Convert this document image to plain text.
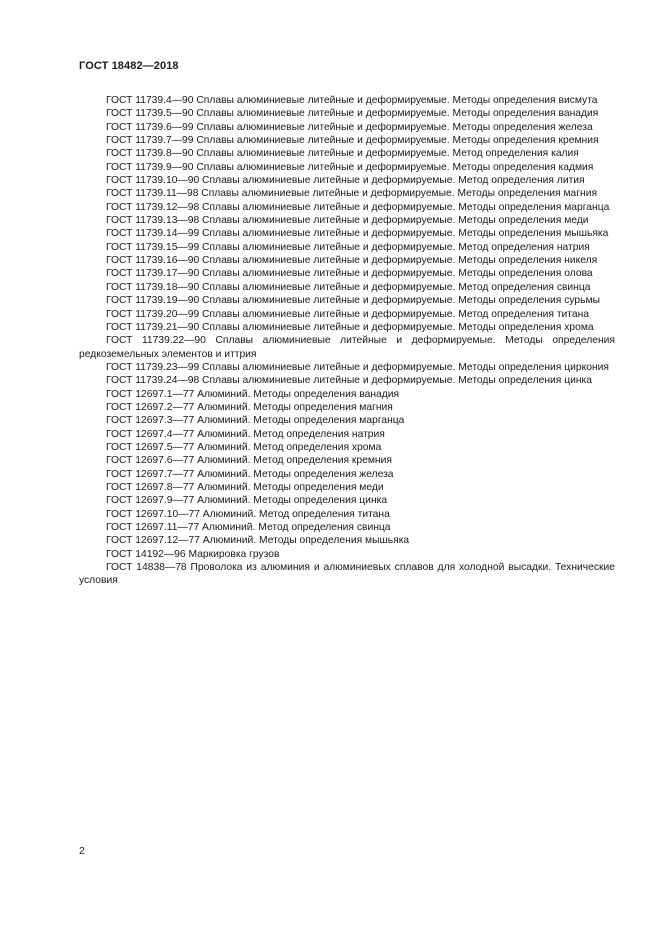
ГОСТ 18482—2018

ГОСТ 11739.4—90 Сплавы алюминиевые литейные и деформируемые. Методы определения висмута

ГОСТ 11739.5—90 Сплавы алюминиевые литейные и деформируемые. Методы определения ванадия

ГОСТ 11739.6—99 Сплавы алюминиевые литейные и деформируемые. Методы определения железа

ГОСТ 11739.7—99 Сплавы алюминиевые литейные и деформируемые. Методы определения кремния

ГОСТ 11739.8—90 Сплавы алюминиевые литейные и деформируемые. Метод определения калия

ГОСТ 11739.9—90 Сплавы алюминиевые литейные и деформируемые. Методы определения кадмия

ГОСТ 11739.10—90 Сплавы алюминиевые литейные и деформируемые. Метод определения лития

ГОСТ 11739.11—98 Сплавы алюминиевые литейные и деформируемые. Методы определения магния

ГОСТ 11739.12—98 Сплавы алюминиевые литейные и деформируемые. Методы определения марганца

ГОСТ 11739.13—98 Сплавы алюминиевые литейные и деформируемые. Методы определения меди

ГОСТ 11739.14—99 Сплавы алюминиевые литейные и деформируемые. Методы определения мышьяка

ГОСТ 11739.15—99 Сплавы алюминиевые литейные и деформируемые. Метод определения натрия

ГОСТ 11739.16—90 Сплавы алюминиевые литейные и деформируемые. Методы определения никеля

ГОСТ 11739.17—90 Сплавы алюминиевые литейные и деформируемые. Методы определения олова

ГОСТ 11739.18—90 Сплавы алюминиевые литейные и деформируемые. Метод определения свинца

ГОСТ 11739.19—90 Сплавы алюминиевые литейные и деформируемые. Методы определения сурьмы

ГОСТ 11739.20—99 Сплавы алюминиевые литейные и деформируемые. Метод определения титана

ГОСТ 11739.21—90 Сплавы алюминиевые литейные и деформируемые. Методы определения хрома

ГОСТ 11739.22—90 Сплавы алюминиевые литейные и деформируемые. Методы определения редкоземельных элементов и иттрия

ГОСТ 11739.23—99 Сплавы алюминиевые литейные и деформируемые. Методы определения циркония

ГОСТ 11739.24—98 Сплавы алюминиевые литейные и деформируемые. Методы определения цинка

ГОСТ 12697.1—77 Алюминий. Методы определения ванадия

ГОСТ 12697.2—77 Алюминий. Методы определения магния

ГОСТ 12697.3—77 Алюминий. Методы определения марганца

ГОСТ 12697.4—77 Алюминий. Метод определения натрия

ГОСТ 12697.5—77 Алюминий. Метод определения хрома

ГОСТ 12697.6—77 Алюминий. Метод определения кремния

ГОСТ 12697.7—77 Алюминий. Методы определения железа

ГОСТ 12697.8—77 Алюминий. Методы определения меди

ГОСТ 12697.9—77 Алюминий. Методы определения цинка

ГОСТ 12697.10—77 Алюминий. Метод определения титана

ГОСТ 12697.11—77 Алюминий. Метод определения свинца

ГОСТ 12697.12—77 Алюминий. Методы определения мышьяка

ГОСТ 14192—96 Маркировка грузов

ГОСТ 14838—78 Проволока из алюминия и алюминиевых сплавов для холодной высадки. Технические условия

2
